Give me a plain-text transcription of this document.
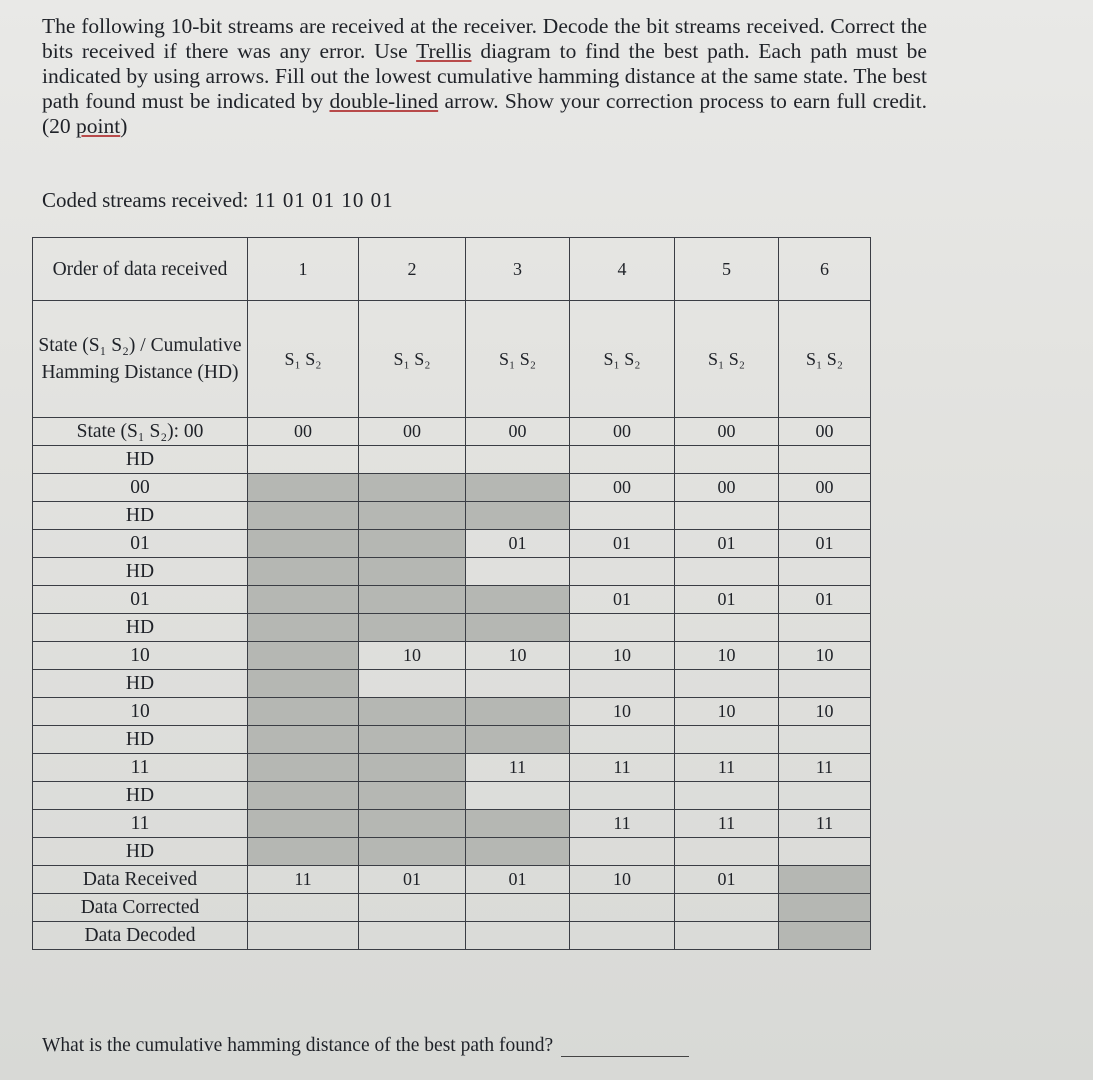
The following 10-bit streams are received at the receiver. Decode the bit streams received. Correct the bits received if there was any error. Use Trellis diagram to find the best path. Each path must be indicated by using arrows. Fill out the lowest cumulative hamming distance at the same state. The best path found must be indicated by double-lined arrow. Show your correction process to earn full credit. (20 point)
Coded streams received: 11 01 01 10 01
Order of data received	1	2	3	4	5	6
State (S₁ S₂) / Cumulative Hamming Distance (HD)	S₁ S₂	S₁ S₂	S₁ S₂	S₁ S₂	S₁ S₂	S₁ S₂
State (S₁ S₂): 00	00	00	00	00	00	00
HD						
00				00	00	00
HD						
01			01	01	01	01
HD						
01				01	01	01
HD						
10		10	10	10	10	10
HD						
10				10	10	10
HD						
11			11	11	11	11
HD						
11				11	11	11
HD						
Data Received	11	01	01	10	01	
Data Corrected						
Data Decoded						
What is the cumulative hamming distance of the best path found?
